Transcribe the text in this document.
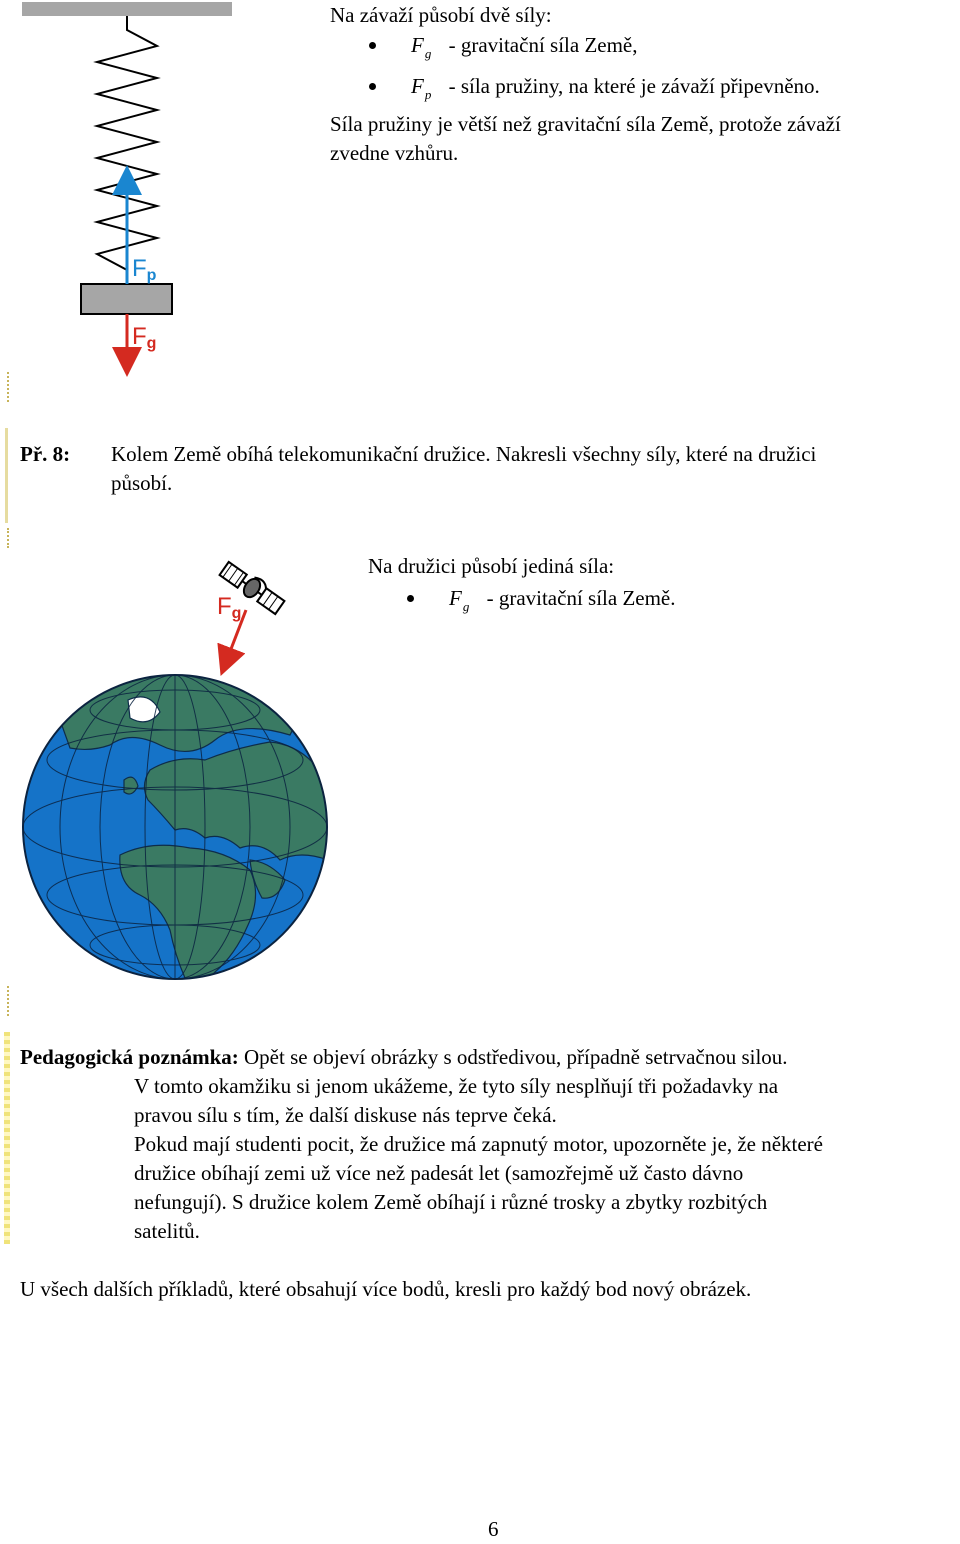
Fp
Fg
Na závaží působí dvě síly:
$F_g$ - gravitační síla Země,
$F_p$ - síla pružiny, na které je závaží připevněno.
Síla pružiny je větší než gravitační síla Země, protože závaží
zvedne vzhůru.
Př. 8: Kolem Země obíhá telekomunikační družice. Nakresli všechny síly, které na družici
působí.
Na družici působí jediná síla:
$F_g$ - gravitační síla Země.
Fg
Pedagogická poznámka: Opět se objeví obrázky s odstředivou, případně setrvačnou silou.
V tomto okamžiku si jenom ukážeme, že tyto síly nesplňují tři požadavky na
pravou sílu s tím, že další diskuse nás teprve čeká.
Pokud mají studenti pocit, že družice má zapnutý motor, upozorněte je, že některé
družice obíhají zemi už více než padesát let (samozřejmě už často dávno
nefungují). S družice kolem Země obíhají i různé trosky a zbytky rozbitých
satelitů.
U všech dalších příkladů, které obsahují více bodů, kresli pro každý bod nový obrázek.
6
